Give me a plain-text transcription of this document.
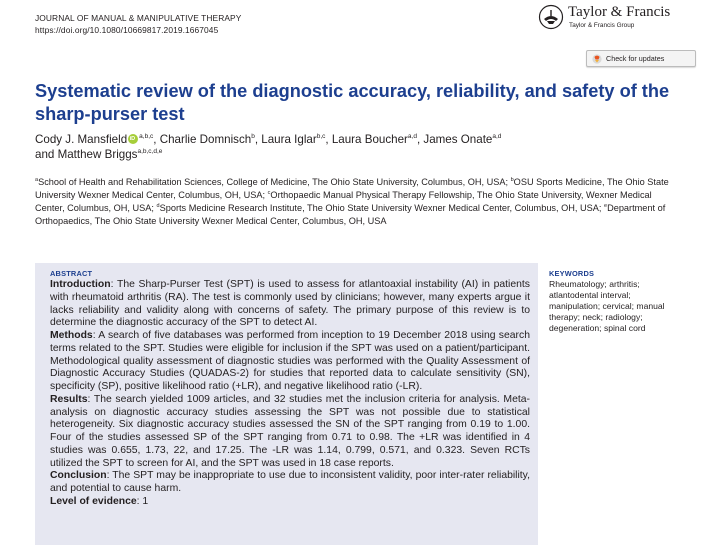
JOURNAL OF MANUAL & MANIPULATIVE THERAPY
https://doi.org/10.1080/10669817.2019.1667045
Taylor & Francis
Taylor & Francis Group
Check for updates
Systematic review of the diagnostic accuracy, reliability, and safety of the sharp-purser test
Cody J. MansfieldiD $^{a,b,c}$, Charlie Domnisch$^b$, Laura Iglar$^{b,c}$, Laura Boucher$^{a,d}$, James Onate$^{a,d}$
and Matthew Briggs$^{a,b,c,d,e}$

$^a$School of Health and Rehabilitation Sciences, College of Medicine, The Ohio State University, Columbus, OH, USA; $^b$OSU Sports Medicine, The Ohio State University Wexner Medical Center, Columbus, OH, USA; $^c$Orthopaedic Manual Physical Therapy Fellowship, The Ohio State University, Wexner Medical Center, Columbus, OH, USA; $^d$Sports Medicine Research Institute, The Ohio State University Wexner Medical Center, Columbus, OH, USA; $^e$Department of Orthopaedics, The Ohio State University Wexner Medical Center, Columbus, OH, USA

ABSTRACT

Introduction: The Sharp-Purser Test (SPT) is used to assess for atlantoaxial instability (AI) in patients with rheumatoid arthritis (RA). The test is commonly used by clinicians; however, many experts argue it lacks reliability and validity along with concerns of safety. The primary purpose of this review is to determine the diagnostic accuracy of the SPT to detect AI.

Methods: A search of five databases was performed from inception to 19 December 2018 using search terms related to the SPT. Studies were eligible for inclusion if the SPT was used on a patient/participant. Methodological quality assessment of diagnostic studies was performed with the Quality Assessment of Diagnostic Accuracy Studies (QUADAS-2) for studies that reported data to calculate sensitivity (SN), specificity (SP), positive likelihood ratio (+LR), and negative likelihood ratio (-LR).

Results: The search yielded 1009 articles, and 32 studies met the inclusion criteria for analysis. Meta-analysis on diagnostic accuracy studies assessing the SPT was not possible due to statistical heterogeneity. Six diagnostic accuracy studies assessed the SN of the SPT ranging from 0.19 to 1.00. Four of the studies assessed SP of the SPT ranging from 0.71 to 0.98. The +LR was identified in 4 studies was 0.655, 1.73, 22, and 17.25. The -LR was 1.14, 0.799, 0.571, and 0.323. Seven RCTs utilized the SPT to screen for AI, and the SPT was used in 18 case reports.

Conclusion: The SPT may be inappropriate to use due to inconsistent validity, poor inter-rater reliability, and potential to cause harm.

Level of evidence: 1

KEYWORDS

Rheumatology; arthritis; atlantodental interval; manipulation; cervical; manual therapy; neck; radiology; degeneration; spinal cord
